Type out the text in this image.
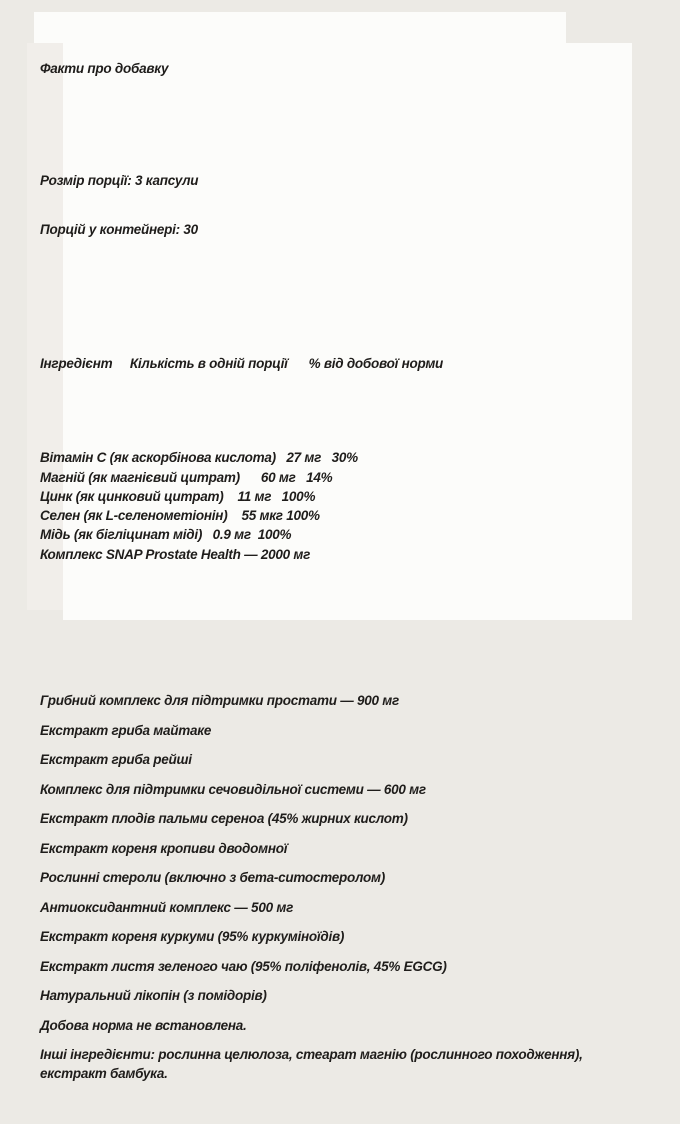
Факти про добавку

Розмір порції: 3 капсули

Порцій у контейнері: 30

Інгредієнт     Кількість в одній порції      % від добової норми

Вітамін С (як аскорбінова кислота)   27 мг   30%

Магній (як магнієвий цитрат)      60 мг   14%

Цинк (як цинковий цитрат)    11 мг   100%

Селен (як L-селенометіонін)    55 мкг 100%

Мідь (як бігліцинат міді)   0.9 мг  100%

Комплекс SNAP Prostate Health — 2000 мг

Грибний комплекс для підтримки простати — 900 мг

Екстракт гриба майтаке

Екстракт гриба рейші

Комплекс для підтримки сечовидільної системи — 600 мг

Екстракт плодів пальми сереноа (45% жирних кислот)

Екстракт кореня кропиви дводомної

Рослинні стероли (включно з бета-ситостеролом)

Антиоксидантний комплекс — 500 мг

Екстракт кореня куркуми (95% куркуміноїдів)

Екстракт листя зеленого чаю (95% поліфенолів, 45% EGCG)

Натуральний лікопін (з помідорів)

Добова норма не встановлена.

Інші інгредієнти: рослинна целюлоза, стеарат магнію (рослинного походження), екстракт бамбука.
